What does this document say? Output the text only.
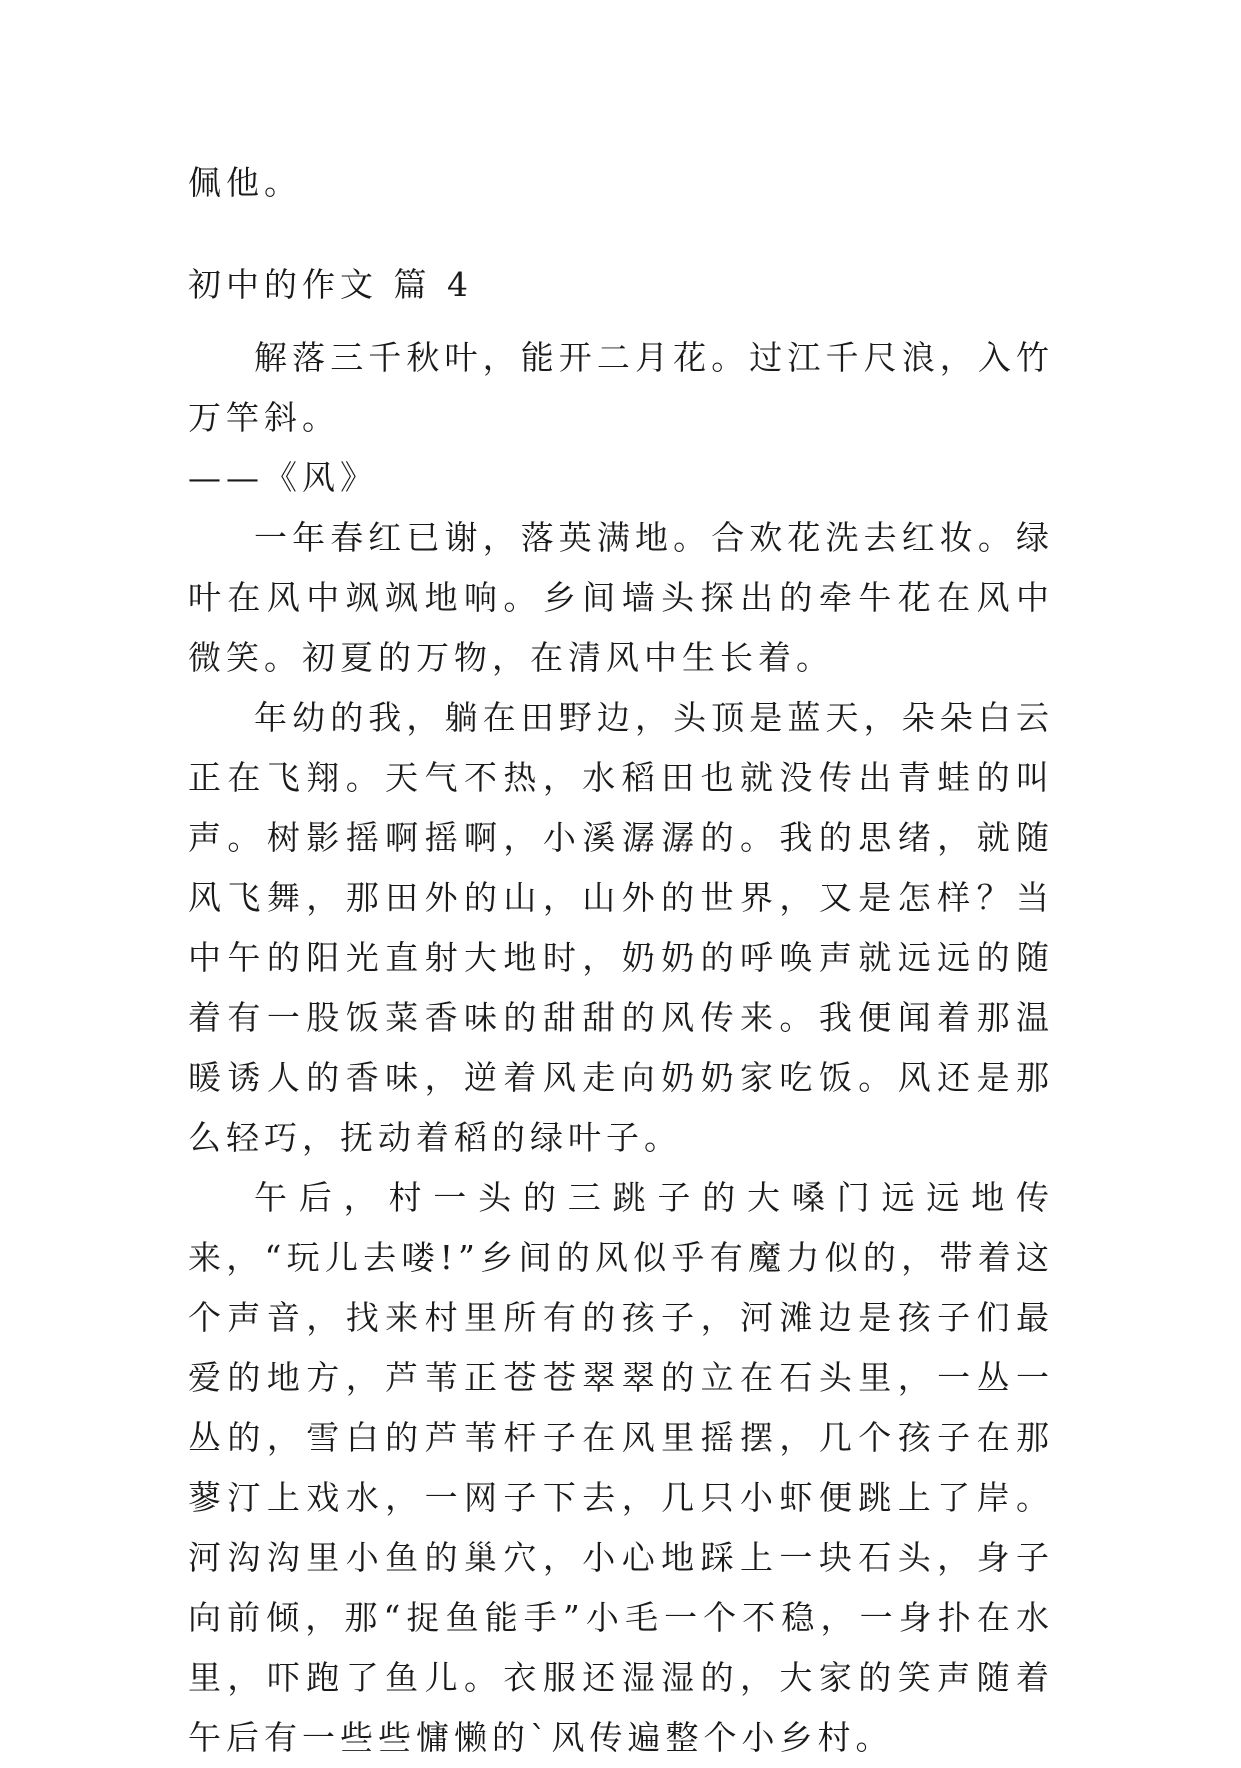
佩他。

初中的作文 篇 4

解落三千秋叶，能开二月花。过江千尺浪，入竹万竿斜。

——《风》

一年春红已谢，落英满地。合欢花洗去红妆。绿叶在风中飒飒地响。乡间墙头探出的牵牛花在风中微笑。初夏的万物，在清风中生长着。

年幼的我，躺在田野边，头顶是蓝天，朵朵白云正在飞翔。天气不热，水稻田也就没传出青蛙的叫声。树影摇啊摇啊，小溪潺潺的。我的思绪，就随风飞舞，那田外的山，山外的世界，又是怎样？当中午的阳光直射大地时，奶奶的呼唤声就远远的随着有一股饭菜香味的甜甜的风传来。我便闻着那温暖诱人的香味，逆着风走向奶奶家吃饭。风还是那么轻巧，抚动着稻的绿叶子。

午后，村一头的三跳子的大嗓门远远地传来，“玩儿去喽!”乡间的风似乎有魔力似的，带着这个声音，找来村里所有的孩子，河滩边是孩子们最爱的地方，芦苇正苍苍翠翠的立在石头里，一丛一丛的，雪白的芦苇杆子在风里摇摆，几个孩子在那蓼汀上戏水，一网子下去，几只小虾便跳上了岸。河沟沟里小鱼的巢穴，小心地踩上一块石头，身子向前倾，那“捉鱼能手”小毛一个不稳，一身扑在水里，吓跑了鱼儿。衣服还湿湿的，大家的笑声随着午后有一些些慵懒的`风传遍整个小乡村。
